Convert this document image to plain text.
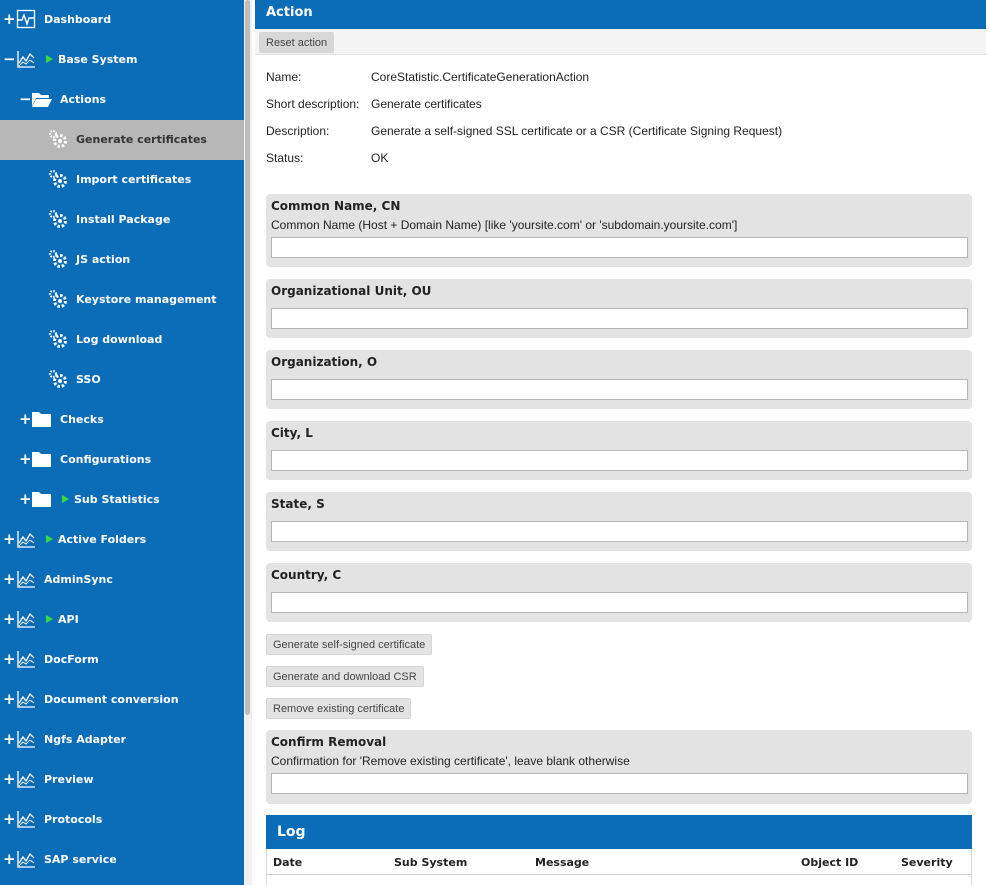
+	Dashboard
−	Base System
−	Actions
Generate certificates
Import certificates
Install Package
JS action
Keystore management
Log download
SSO
+	Checks
+	Configurations
+	Sub Statistics
+	Active Folders
+	AdminSync
+	API
+	DocForm
+	Document conversion
+	Ngfs Adapter
+	Preview
+	Protocols
+	SAP service
Action
Reset action
Name:	CoreStatistic.CertificateGenerationAction
Short description: Generate certificates
Description:	Generate a self-signed SSL certificate or a CSR (Certificate Signing Request)
Status:	OK
Common Name, CN
Common Name (Host + Domain Name) [like 'yoursite.com' or 'subdomain.yoursite.com']
Organizational Unit, OU
Organization, O
City, L
State, S
Country, C
Generate self-signed certificate
Generate and download CSR
Remove existing certificate
Confirm Removal
Confirmation for 'Remove existing certificate', leave blank otherwise
Log
Date	Sub System	Message	Object ID	Severity
